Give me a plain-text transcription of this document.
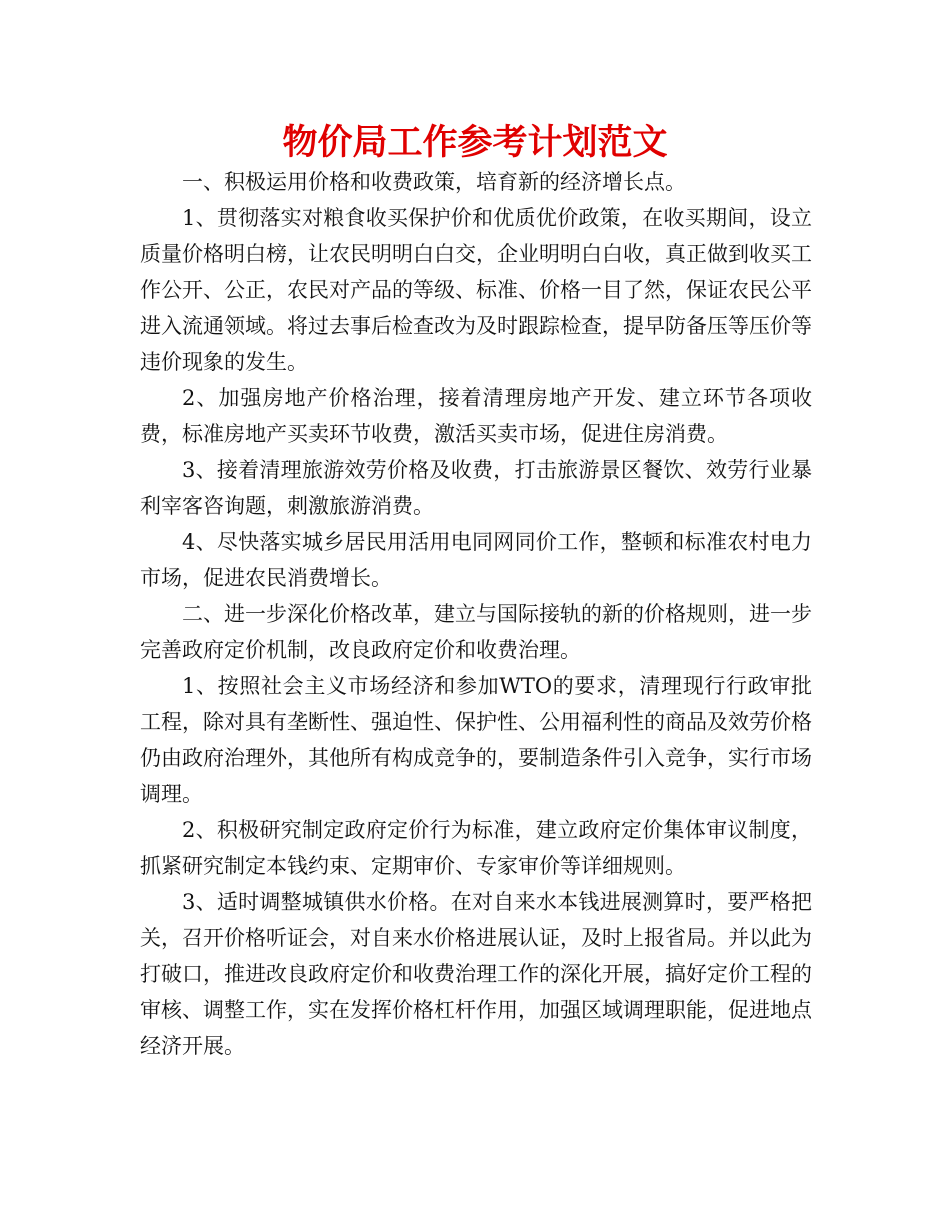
物价局工作参考计划范文

一、积极运用价格和收费政策，培育新的经济增长点。

1、贯彻落实对粮食收买保护价和优质优价政策，在收买期间，设立质量价格明白榜，让农民明明白白交，企业明明白白收，真正做到收买工作公开、公正，农民对产品的等级、标准、价格一目了然，保证农民公平进入流通领域。将过去事后检查改为及时跟踪检查，提早防备压等压价等违价现象的发生。

2、加强房地产价格治理，接着清理房地产开发、建立环节各项收费，标准房地产买卖环节收费，激活买卖市场，促进住房消费。

3、接着清理旅游效劳价格及收费，打击旅游景区餐饮、效劳行业暴利宰客咨询题，刺激旅游消费。

4、尽快落实城乡居民用活用电同网同价工作，整顿和标准农村电力市场，促进农民消费增长。

二、进一步深化价格改革，建立与国际接轨的新的价格规则，进一步完善政府定价机制，改良政府定价和收费治理。

1、按照社会主义市场经济和参加WTO的要求，清理现行行政审批工程，除对具有垄断性、强迫性、保护性、公用福利性的商品及效劳价格仍由政府治理外，其他所有构成竞争的，要制造条件引入竞争，实行市场调理。

2、积极研究制定政府定价行为标准，建立政府定价集体审议制度，抓紧研究制定本钱约束、定期审价、专家审价等详细规则。

3、适时调整城镇供水价格。在对自来水本钱进展测算时，要严格把关，召开价格听证会，对自来水价格进展认证，及时上报省局。并以此为打破口，推进改良政府定价和收费治理工作的深化开展，搞好定价工程的审核、调整工作，实在发挥价格杠杆作用，加强区域调理职能，促进地点经济开展。
